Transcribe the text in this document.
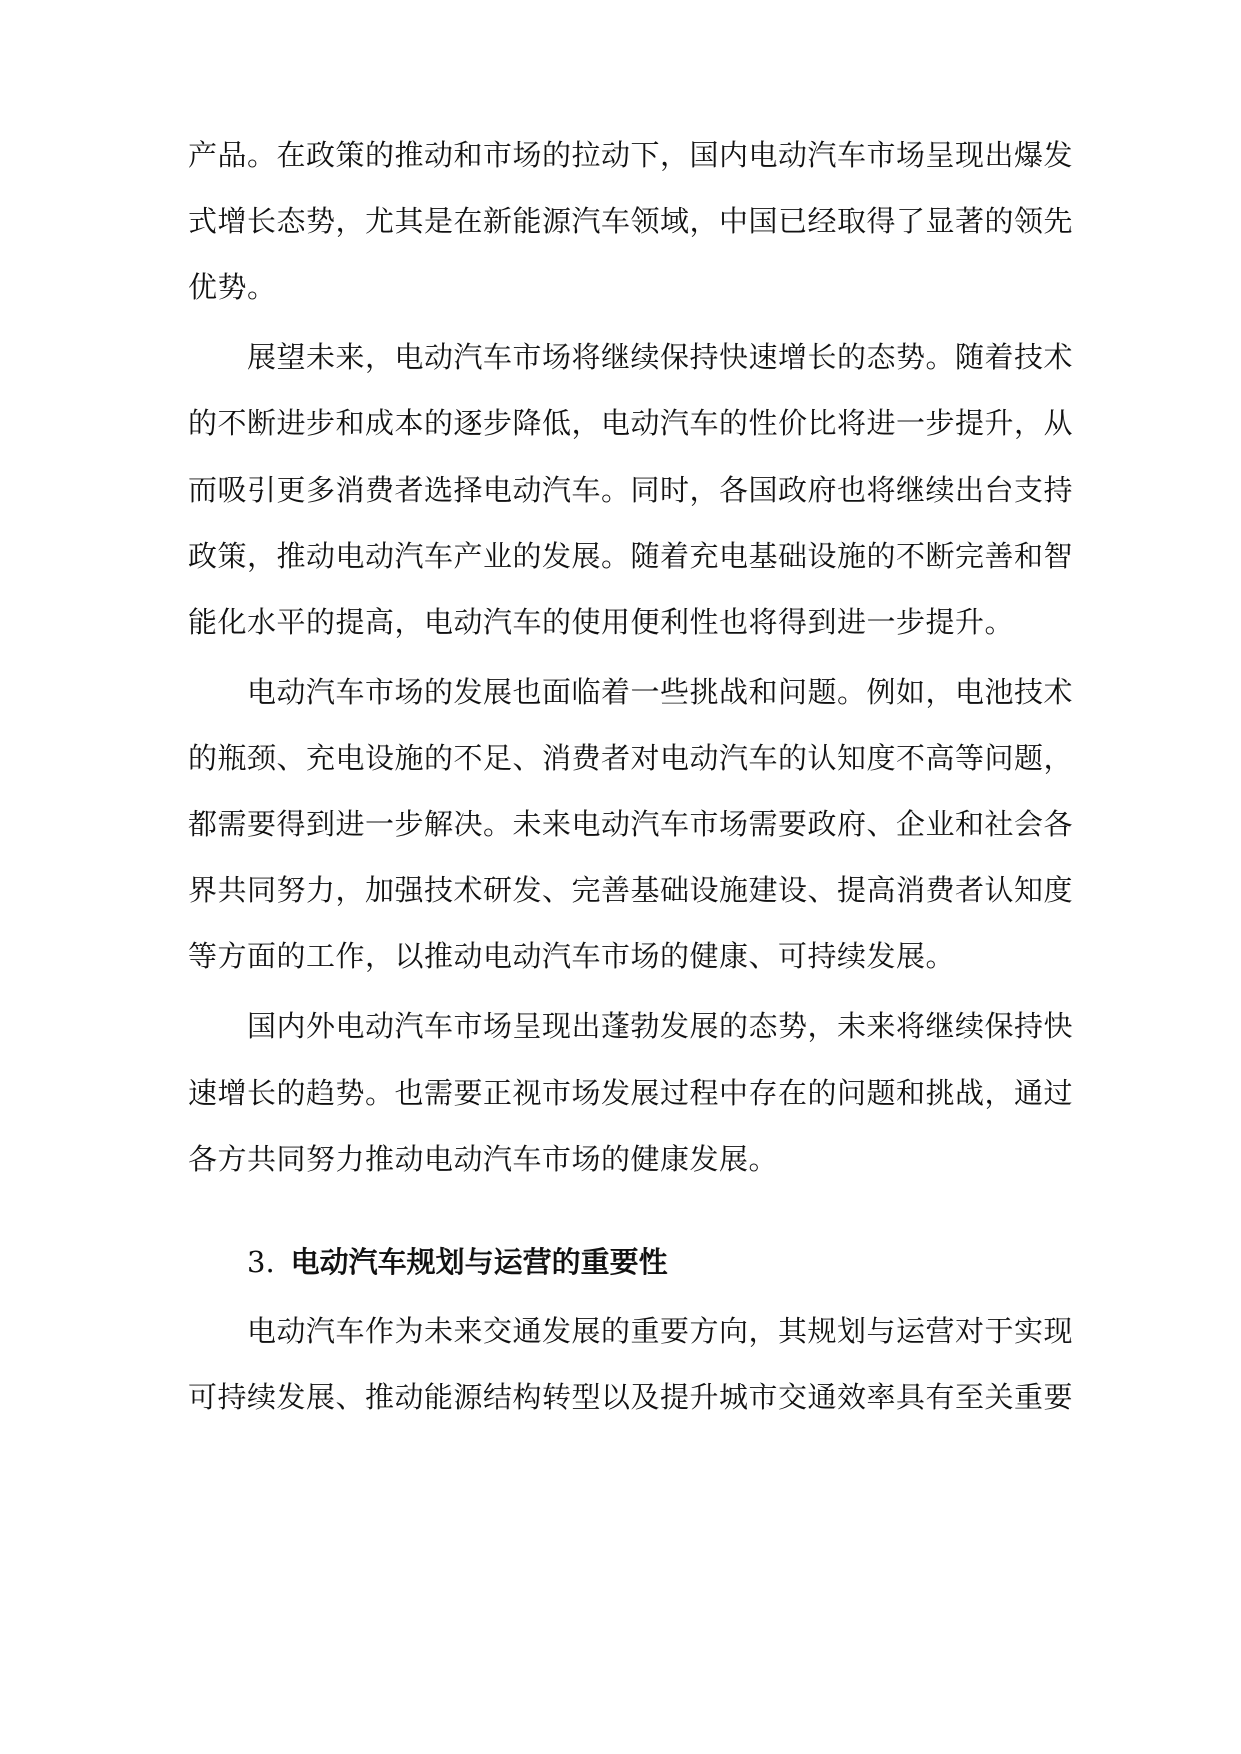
产品。在政策的推动和市场的拉动下，国内电动汽车市场呈现出爆发
式增长态势，尤其是在新能源汽车领域，中国已经取得了显著的领先
优势。
展望未来，电动汽车市场将继续保持快速增长的态势。随着技术
的不断进步和成本的逐步降低，电动汽车的性价比将进一步提升，从
而吸引更多消费者选择电动汽车。同时，各国政府也将继续出台支持
政策，推动电动汽车产业的发展。随着充电基础设施的不断完善和智
能化水平的提高，电动汽车的使用便利性也将得到进一步提升。
电动汽车市场的发展也面临着一些挑战和问题。例如，电池技术
的瓶颈、充电设施的不足、消费者对电动汽车的认知度不高等问题，
都需要得到进一步解决。未来电动汽车市场需要政府、企业和社会各
界共同努力，加强技术研发、完善基础设施建设、提高消费者认知度
等方面的工作，以推动电动汽车市场的健康、可持续发展。
国内外电动汽车市场呈现出蓬勃发展的态势，未来将继续保持快
速增长的趋势。也需要正视市场发展过程中存在的问题和挑战，通过
各方共同努力推动电动汽车市场的健康发展。
3. 电动汽车规划与运营的重要性
电动汽车作为未来交通发展的重要方向，其规划与运营对于实现
可持续发展、推动能源结构转型以及提升城市交通效率具有至关重要
